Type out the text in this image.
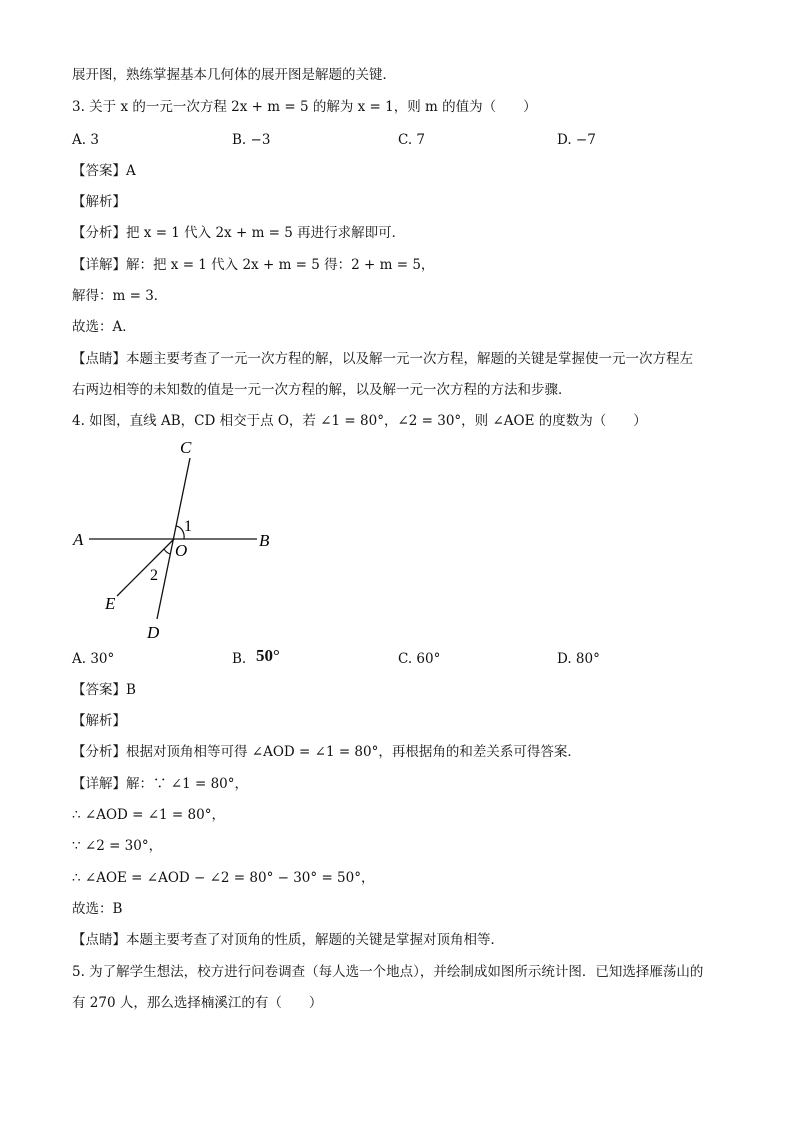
展开图，熟练掌握基本几何体的展开图是解题的关键．
3. 关于 x 的一元一次方程 2x + m = 5 的解为 x = 1，则 m 的值为（　　）
A. 3	B. −3	C. 7	D. −7
【答案】A
【解析】
【分析】把 x = 1 代入 2x + m = 5 再进行求解即可．
【详解】解：把 x = 1 代入 2x + m = 5 得：2 + m = 5，
解得：m = 3．
故选：A．
【点睛】本题主要考查了一元一次方程的解，以及解一元一次方程，解题的关键是掌握使一元一次方程左
右两边相等的未知数的值是一元一次方程的解，以及解一元一次方程的方法和步骤．
4. 如图，直线 AB，CD 相交于点 O，若 ∠1 = 80°，∠2 = 30°，则 ∠AOE 的度数为（　　）
C
A	B
O
1
2
E
D
A. 30°	B. 50°	C. 60°	D. 80°
【答案】B
【解析】
【分析】根据对顶角相等可得 ∠AOD = ∠1 = 80°，再根据角的和差关系可得答案．
【详解】解：∵ ∠1 = 80°，
∴ ∠AOD = ∠1 = 80°，
∵ ∠2 = 30°，
∴ ∠AOE = ∠AOD − ∠2 = 80° − 30° = 50°，
故选：B
【点睛】本题主要考查了对顶角的性质，解题的关键是掌握对顶角相等．
5. 为了解学生想法，校方进行问卷调查（每人选一个地点），并绘制成如图所示统计图．已知选择雁荡山的
有 270 人，那么选择楠溪江的有（　　）
